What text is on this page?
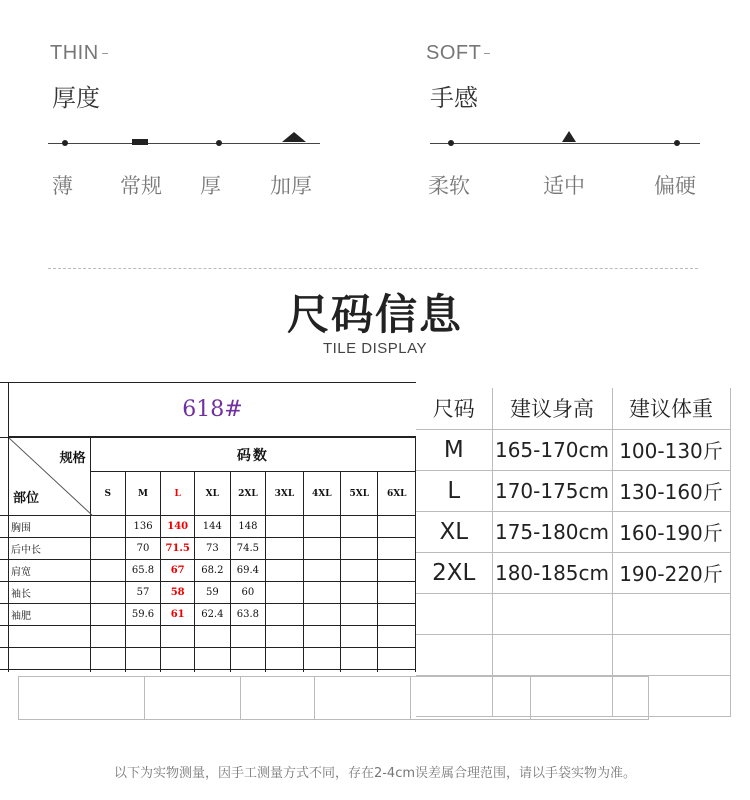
THIN
厚度
薄 常规 厚 加厚
SOFT
手感
柔软	适中	偏硬
尺码信息
TILE DISPLAY
618#
规格
部位	码数								
	S	M	L	XL	2XL	3XL	4XL	5XL	6XL
胸围		136	140	144	148				
后中长		70	71.5	73	74.5				
肩宽		65.8	67	68.2	69.4				
袖长		57	58	59	60				
袖肥		59.6	61	62.4	63.8				

尺码	建议身高	建议体重
M	165-170cm	100-130斤
L	170-175cm	130-160斤
XL	175-180cm	160-190斤
2XL	180-185cm	190-220斤

以下为实物测量，因手工测量方式不同，存在2-4cm误差属合理范围，请以手袋实物为准。
